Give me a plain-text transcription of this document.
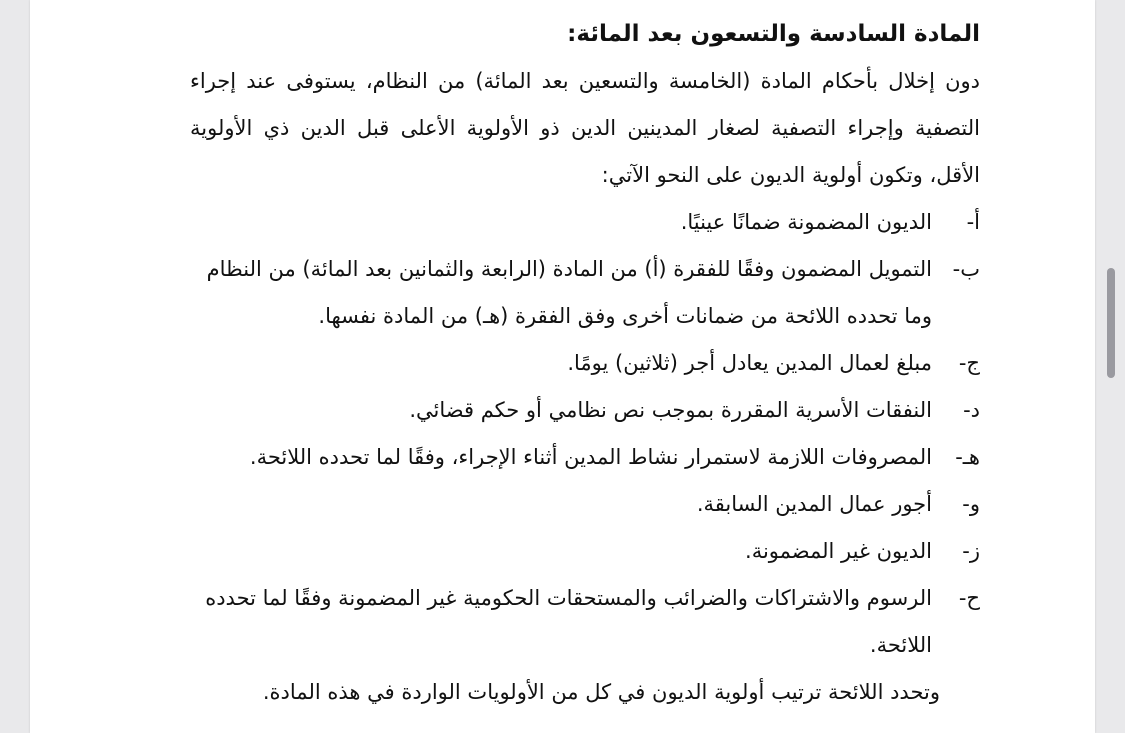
المادة السادسة والتسعون بعد المائة:

دون إخلال بأحكام المادة (الخامسة والتسعين بعد المائة) من النظام، يستوفى عند إجراء التصفية وإجراء التصفية لصغار المدينين الدين ذو الأولوية الأعلى قبل الدين ذي الأولوية الأقل، وتكون أولوية الديون على النحو الآتي:

أ-
الديون المضمونة ضمانًا عينيًا.
ب-
التمويل المضمون وفقًا للفقرة (أ) من المادة (الرابعة والثمانين بعد المائة) من النظام وما تحدده اللائحة من ضمانات أخرى وفق الفقرة (هـ) من المادة نفسها.
ج-
مبلغ لعمال المدين يعادل أجر (ثلاثين) يومًا.
د-
النفقات الأسرية المقررة بموجب نص نظامي أو حكم قضائي.
هـ-
المصروفات اللازمة لاستمرار نشاط المدين أثناء الإجراء، وفقًا لما تحدده اللائحة.
و-
أجور عمال المدين السابقة.
ز-
الديون غير المضمونة.
ح-
الرسوم والاشتراكات والضرائب والمستحقات الحكومية غير المضمونة وفقًا لما تحدده اللائحة.

وتحدد اللائحة ترتيب أولوية الديون في كل من الأولويات الواردة في هذه المادة.
